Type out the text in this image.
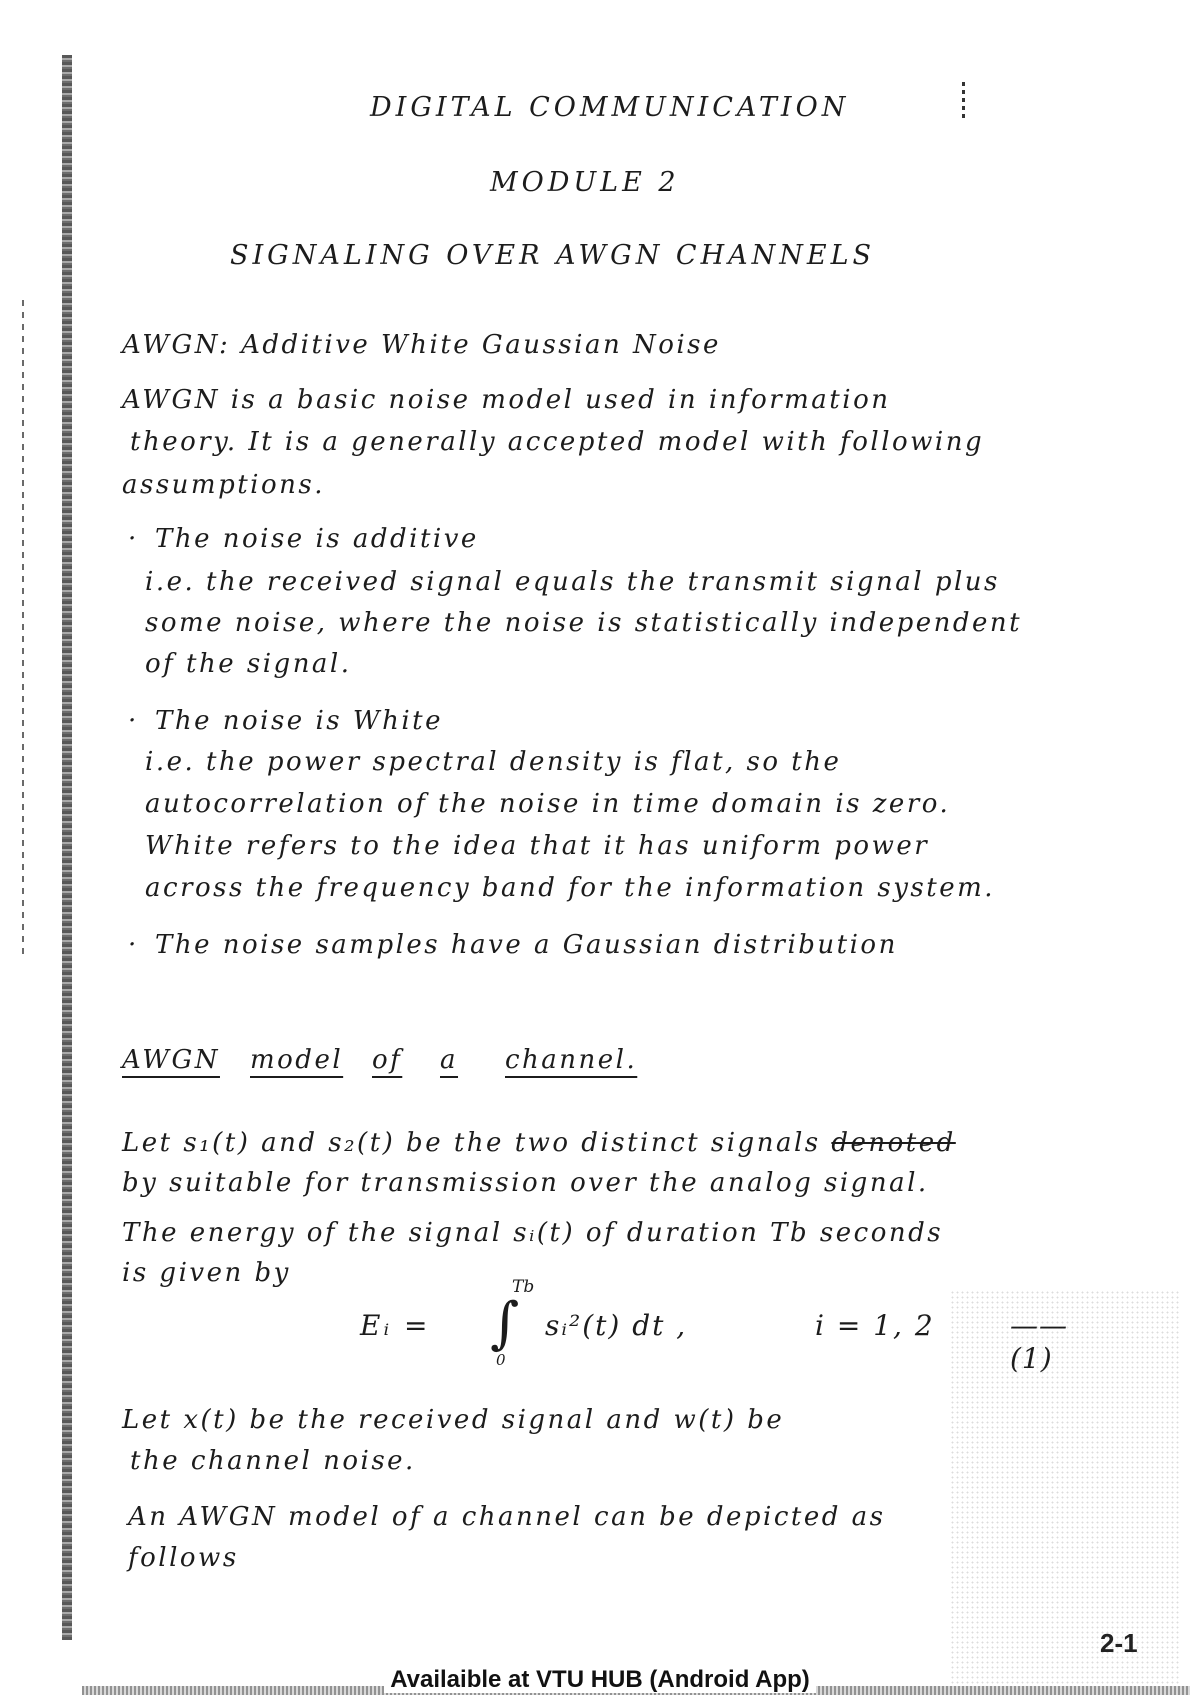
DIGITAL COMMUNICATION
MODULE 2
SIGNALING OVER AWGN CHANNELS
AWGN: Additive White Gaussian Noise
AWGN is a basic noise model used in information
theory. It is a generally accepted model with following
assumptions.
· The noise is additive
i.e. the received signal equals the transmit signal plus
some noise, where the noise is statistically independent
of the signal.
· The noise is White
i.e. the power spectral density is flat, so the
autocorrelation of the noise in time domain is zero.
White refers to the idea that it has uniform power
across the frequency band for the information system.
· The noise samples have a Gaussian distribution
AWGN model of a channel.
Let s₁(t) and s₂(t) be the two distinct signals denoted
by suitable for transmission over the analog signal.
The energy of the signal sᵢ(t) of duration Tb seconds
is given by
Eᵢ =
Tb
∫
0
sᵢ²(t) dt ,	i = 1, 2	—— (1)
Let x(t) be the received signal and w(t) be
the channel noise.
An AWGN model of a channel can be depicted as
follows
2-1
Availaible at VTU HUB (Android App)
